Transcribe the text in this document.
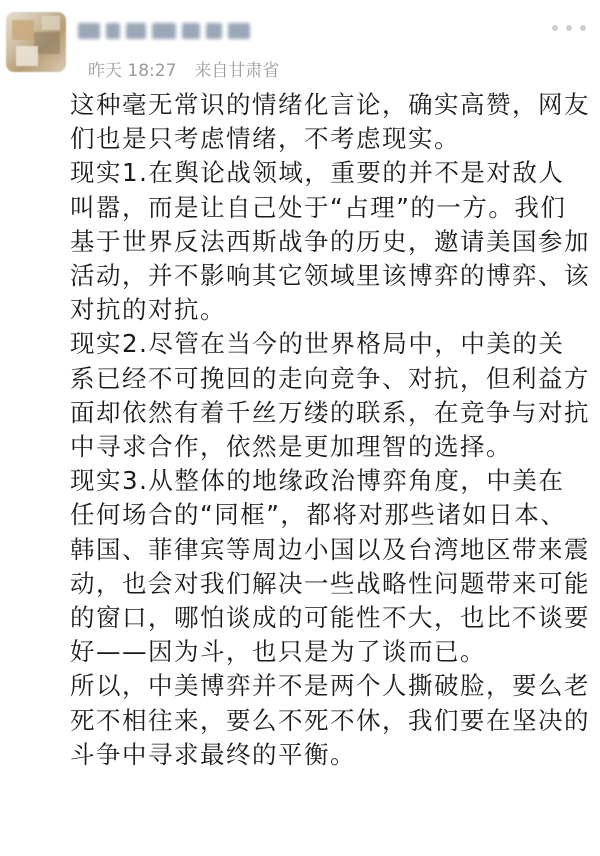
昨天 18:27 来自甘肃省

这种毫无常识的情绪化言论，确实高赞，网友们也是只考虑情绪，不考虑现实。

现实1.在舆论战领域，重要的并不是对敌人叫嚣，而是让自己处于“占理”的一方。我们基于世界反法西斯战争的历史，邀请美国参加活动，并不影响其它领域里该博弈的博弈、该对抗的对抗。

现实2.尽管在当今的世界格局中，中美的关系已经不可挽回的走向竞争、对抗，但利益方面却依然有着千丝万缕的联系，在竞争与对抗中寻求合作，依然是更加理智的选择。

现实3.从整体的地缘政治博弈角度，中美在任何场合的“同框”，都将对那些诸如日本、韩国、菲律宾等周边小国以及台湾地区带来震动，也会对我们解决一些战略性问题带来可能的窗口，哪怕谈成的可能性不大，也比不谈要好——因为斗，也只是为了谈而已。

所以，中美博弈并不是两个人撕破脸，要么老死不相往来，要么不死不休，我们要在坚决的斗争中寻求最终的平衡。
